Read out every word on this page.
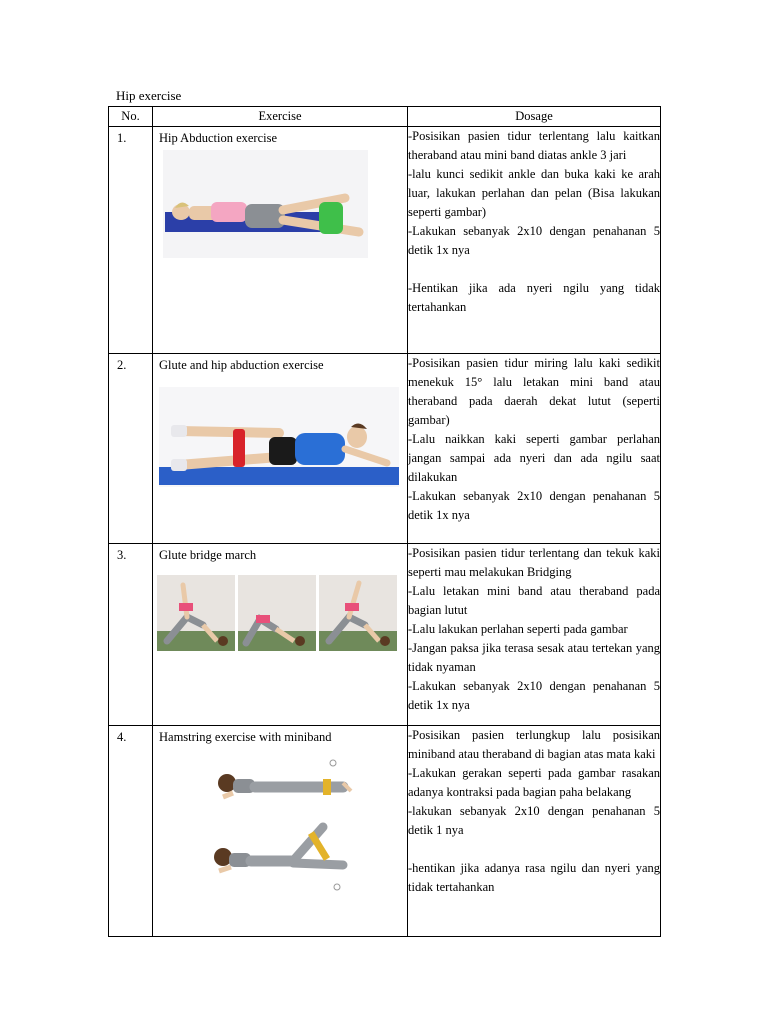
Hip exercise
No.	Exercise	Dosage

1.	Hip Abduction exercise	-Posisikan pasien tidur terlentang lalu kaitkan theraband atau mini band diatas ankle 3 jari

-lalu kunci sedikit ankle dan buka kaki ke arah luar, lakukan perlahan dan pelan (Bisa lakukan seperti gambar)

-Lakukan sebanyak 2x10 dengan penahanan 5 detik 1x nya

-Hentikan jika ada nyeri ngilu yang tidak tertahankan

2.	Glute and hip abduction exercise	-Posisikan pasien tidur miring lalu kaki sedikit menekuk 15° lalu letakan mini band atau theraband pada daerah dekat lutut (seperti gambar)

-Lalu naikkan kaki seperti gambar perlahan jangan sampai ada nyeri dan ada ngilu saat dilakukan

-Lakukan sebanyak 2x10 dengan penahanan 5 detik 1x nya

3.	Glute bridge march	-Posisikan pasien tidur terlentang dan tekuk kaki seperti mau melakukan Bridging

-Lalu letakan mini band atau theraband pada bagian lutut

-Lalu lakukan perlahan seperti pada gambar

-Jangan paksa jika terasa sesak atau tertekan yang tidak nyaman

-Lakukan sebanyak 2x10 dengan penahanan 5 detik 1x nya

4.	Hamstring exercise with miniband	-Posisikan pasien terlungkup lalu posisikan miniband atau theraband di bagian atas mata kaki

-Lakukan gerakan seperti pada gambar rasakan adanya kontraksi pada bagian paha belakang

-lakukan sebanyak 2x10 dengan penahanan 5 detik 1 nya

-hentikan jika adanya rasa ngilu dan nyeri yang tidak tertahankan
